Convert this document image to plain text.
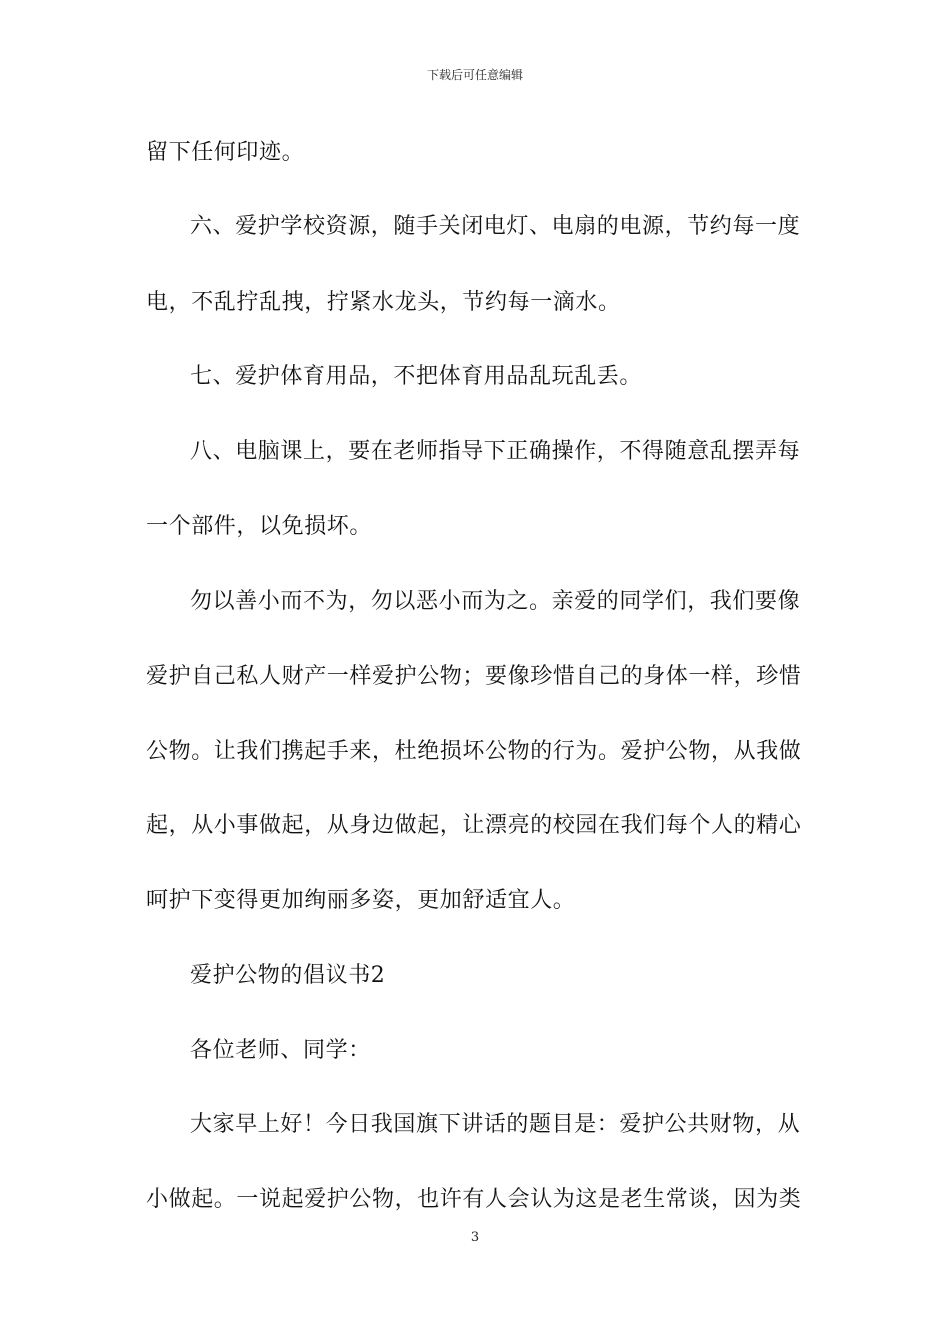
下载后可任意编辑
留下任何印迹。
六、爱护学校资源，随手关闭电灯、电扇的电源，节约每一度
电，不乱拧乱拽，拧紧水龙头，节约每一滴水。
七、爱护体育用品，不把体育用品乱玩乱丢。
八、电脑课上，要在老师指导下正确操作，不得随意乱摆弄每
一个部件，以免损坏。
勿以善小而不为，勿以恶小而为之。亲爱的同学们，我们要像
爱护自己私人财产一样爱护公物；要像珍惜自己的身体一样，珍惜
公物。让我们携起手来，杜绝损坏公物的行为。爱护公物，从我做
起，从小事做起，从身边做起，让漂亮的校园在我们每个人的精心
呵护下变得更加绚丽多姿，更加舒适宜人。
爱护公物的倡议书2
各位老师、同学：
大家早上好！今日我国旗下讲话的题目是：爱护公共财物，从
小做起。一说起爱护公物，也许有人会认为这是老生常谈，因为类
3
